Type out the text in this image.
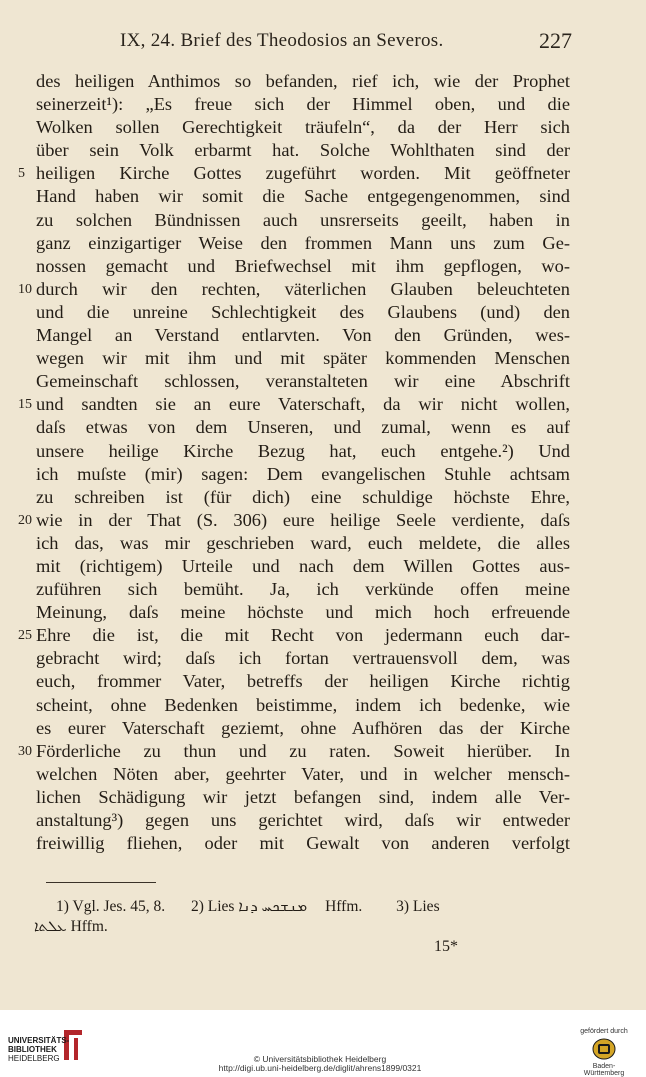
IX, 24. Brief des Theodosios an Severos.	227
des heiligen Anthimos so befanden, rief ich, wie der Prophet
seinerzeit¹): „Es freue sich der Himmel oben, und die
Wolken sollen Gerechtigkeit träufeln“, da der Herr sich
über sein Volk erbarmt hat. Solche Wohlthaten sind der
5 heiligen Kirche Gottes zugeführt worden. Mit geöffneter
Hand haben wir somit die Sache entgegengenommen, sind
zu solchen Bündnissen auch unsrerseits geeilt, haben in
ganz einzigartiger Weise den frommen Mann uns zum Ge-
nossen gemacht und Briefwechsel mit ihm gepflogen, wo-
10 durch wir den rechten, väterlichen Glauben beleuchteten
und die unreine Schlechtigkeit des Glaubens (und) den
Mangel an Verstand entlarvten. Von den Gründen, wes-
wegen wir mit ihm und mit später kommenden Menschen
Gemeinschaft schlossen, veranstalteten wir eine Abschrift
15 und sandten sie an eure Vaterschaft, da wir nicht wollen,
daſs etwas von dem Unseren, und zumal, wenn es auf
unsere heilige Kirche Bezug hat, euch entgehe.²) Und
ich muſste (mir) sagen: Dem evangelischen Stuhle achtsam
zu schreiben ist (für dich) eine schuldige höchste Ehre,
20 wie in der That (S. 306) eure heilige Seele verdiente, daſs
ich das, was mir geschrieben ward, euch meldete, die alles
mit (richtigem) Urteile und nach dem Willen Gottes aus-
zuführen sich bemüht. Ja, ich verkünde offen meine
Meinung, daſs meine höchste und mich hoch erfreuende
25 Ehre die ist, die mit Recht von jedermann euch dar-
gebracht wird; daſs ich fortan vertrauensvoll dem, was
euch, frommer Vater, betreffs der heiligen Kirche richtig
scheint, ohne Bedenken beistimme, indem ich bedenke, wie
es eurer Vaterschaft geziemt, ohne Aufhören das der Kirche
30 Förderliche zu thun und zu raten. Soweit hierüber. In
welchen Nöten aber, geehrter Vater, und in welcher mensch-
lichen Schädigung wir jetzt befangen sind, indem alle Ver-
anstaltung³) gegen uns gerichtet wird, daſs wir entweder
freiwillig fliehen, oder mit Gewalt von anderen verfolgt
1) Vgl. Jes. 45, 8. 2) Lies ܡܢܫܟܚ ܕܢܐ Hffm. 3) Lies
ܥܠܬܐ Hffm.
15*
UNIVERSITÄTS-
BIBLIOTHEK
HEIDELBERG	© Universitätsbibliothek Heidelberg
http://digi.ub.uni-heidelberg.de/diglit/ahrens1899/0321
gefördert durch
Baden-Württemberg
